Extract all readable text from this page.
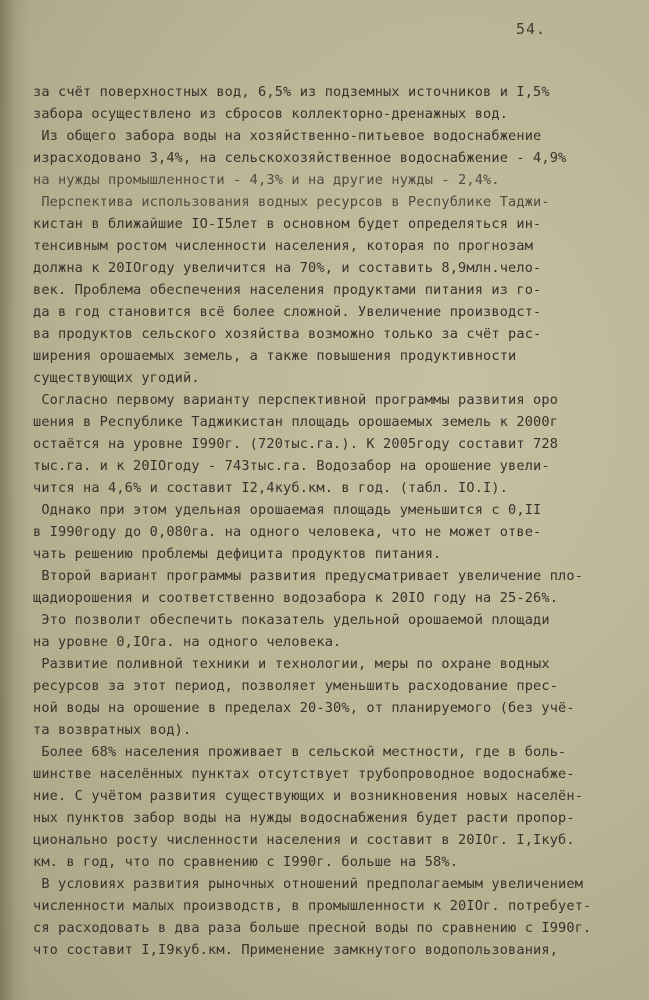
54.
за счёт поверхностных вод, 6,5% из подземных источников и I,5%
забора осуществлено из сбросов коллекторно-дренажных вод.
Из общего забора воды на хозяйственно-питьевое водоснабжение
израсходовано 3,4%, на сельскохозяйственное водоснабжение - 4,9%
на нужды промышленности - 4,3% и на другие нужды - 2,4%.
Перспектива использования водных ресурсов в Республике Таджи-
кистан в ближайшие IO-I5лет в основном будет определяться ин-
тенсивным ростом численности населения, которая по прогнозам
должна к 20IOгоду увеличится на 70%, и составить 8,9млн.чело-
век. Проблема обеспечения населения продуктами питания из го-
да в год становится всё более сложной. Увеличение производст-
ва продуктов сельского хозяйства возможно только за счёт рас-
ширения орошаемых земель, а также повышения продуктивности
существующих угодий.
Согласно первому варианту перспективной программы развития оро
шения в Республике Таджикистан площадь орошаемых земель к 2000г
остаётся на уровне I990г. (720тыс.га.). К 2005году составит 728
тыс.га. и к 20IOгоду - 743тыс.га. Водозабор на орошение увели-
чится на 4,6% и составит I2,4куб.км. в год. (табл. IO.I).
Однако при этом удельная орошаемая площадь уменьшится с 0,II
в I990году до 0,080га. на одного человека, что не может отве-
чать решению проблемы дефицита продуктов питания.
Второй вариант программы развития предусматривает увеличение пло-
щадиорошения и соответственно водозабора к 20IO году на 25-26%.
Это позволит обеспечить показатель удельной орошаемой площади
на уровне 0,IOга. на одного человека.
Развитие поливной техники и технологии, меры по охране водных
ресурсов за этот период, позволяет уменьшить расходование прес-
ной воды на орошение в пределах 20-30%, от планируемого (без учё-
та возвратных вод).
Более 68% населения проживает в сельской местности, где в боль-
шинстве населённых пунктах отсутствует трубопроводное водоснабже-
ние. С учётом развития существующих и возникновения новых населён-
ных пунктов забор воды на нужды водоснабжения будет расти пропор-
ционально росту численности населения и составит в 20IOг. I,Iкуб.
км. в год, что по сравнению с I990г. больше на 58%.
В условиях развития рыночных отношений предполагаемым увеличением
численности малых производств, в промышленности к 20IOг. потребует-
ся расходовать в два раза больше пресной воды по сравнению с I990г.
что составит I,I9куб.км. Применение замкнутого водопользования,
